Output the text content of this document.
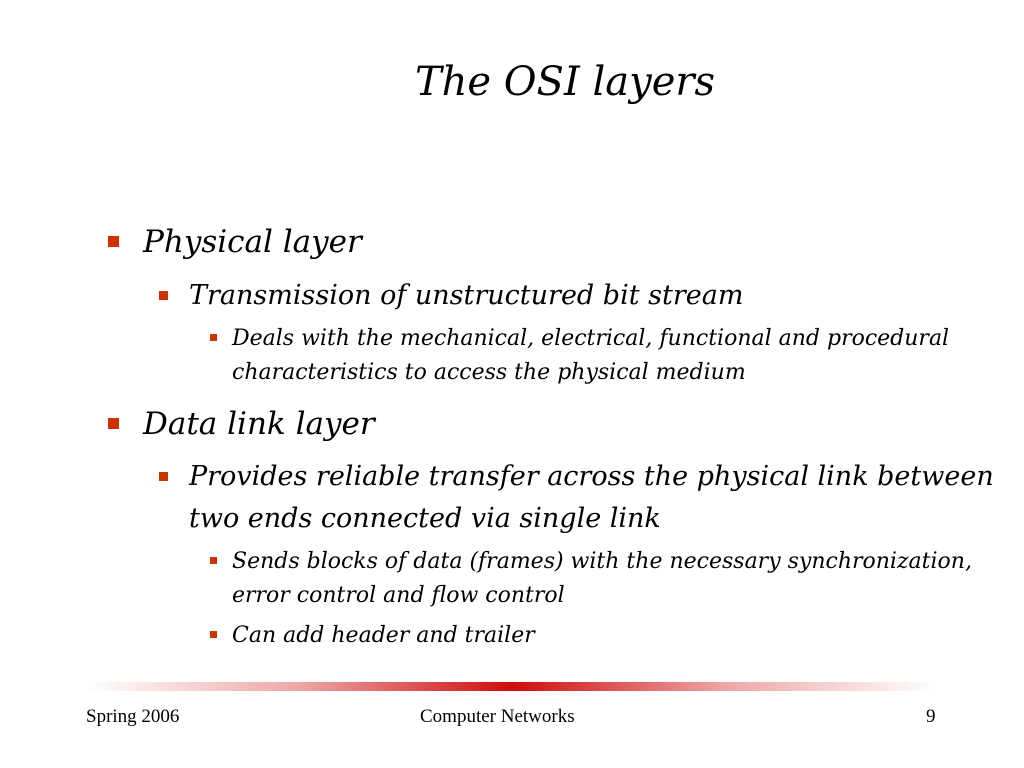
The OSI layers

Physical layer

Transmission of unstructured bit stream

Deals with the mechanical, electrical, functional and procedural
characteristics to access the physical medium

Data link layer

Provides reliable transfer across the physical link between
two ends connected via single link
Sends blocks of data (frames) with the necessary synchronization,
error control and flow control

Can add header and trailer

Spring 2006	Computer Networks	9
